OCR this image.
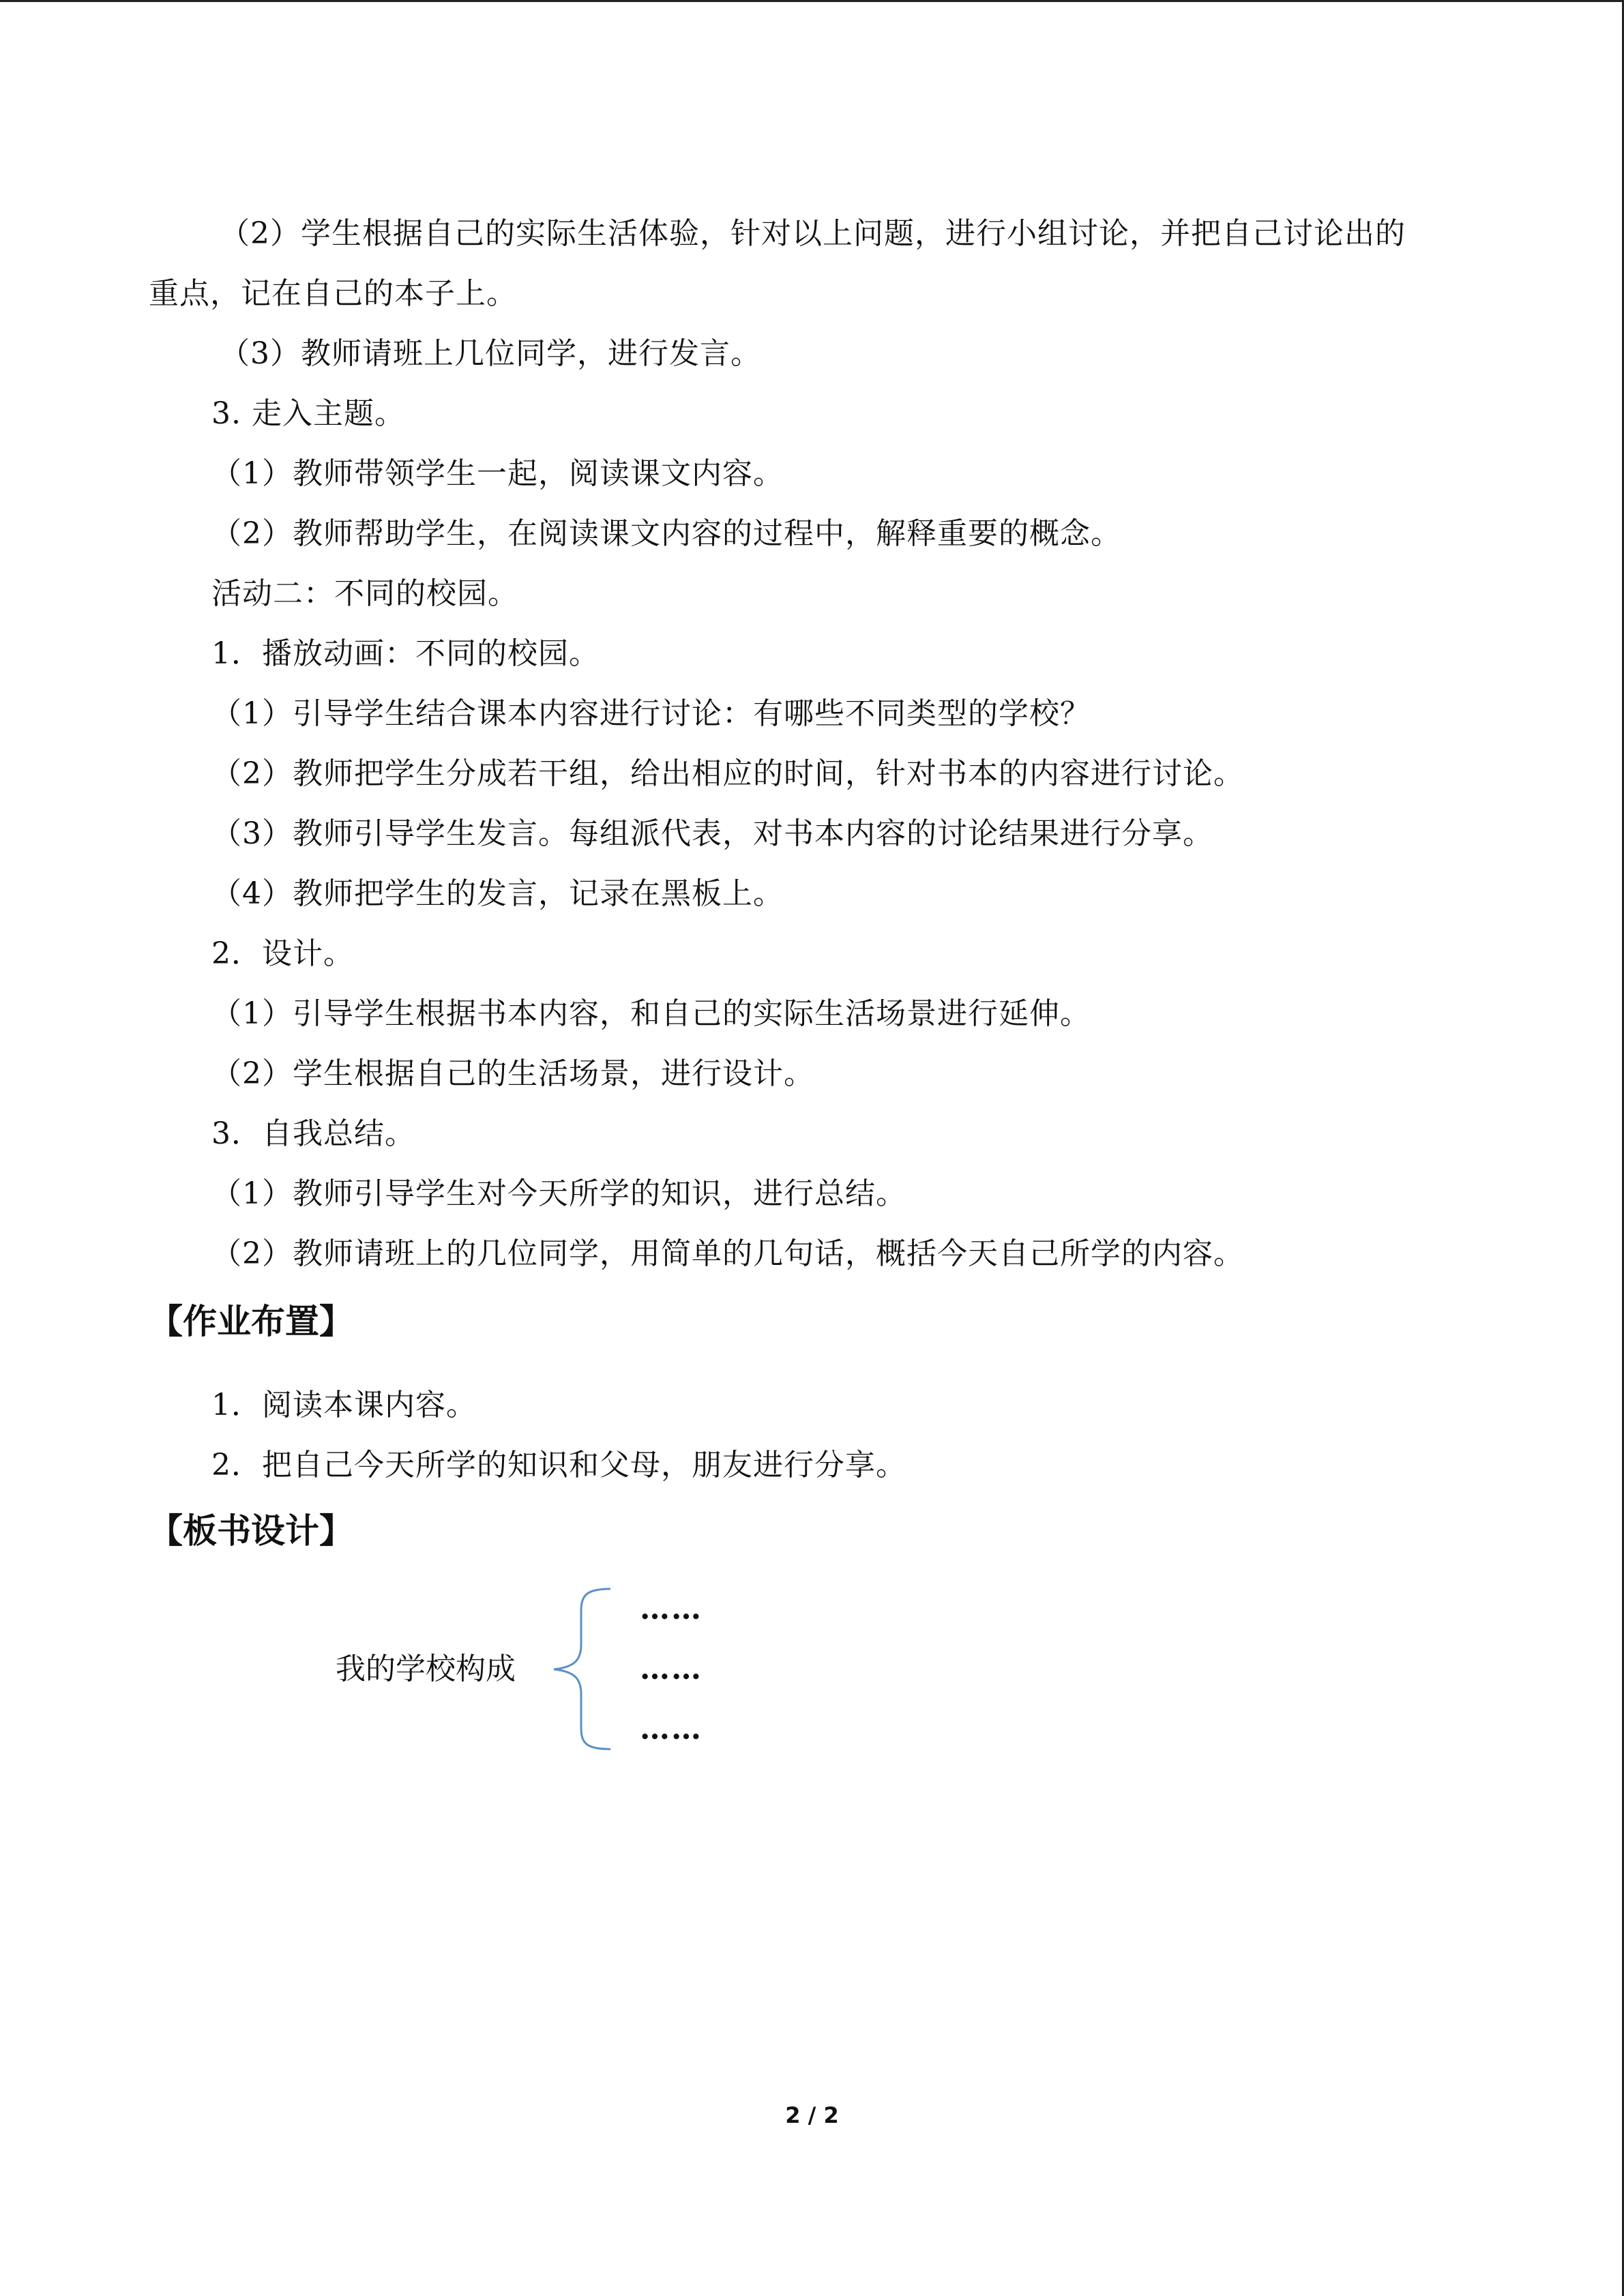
（2）学生根据自己的实际生活体验，针对以上问题，进行小组讨论，并把自己讨论出的
重点，记在自己的本子上。
（3）教师请班上几位同学，进行发言。
3. 走入主题。
（1）教师带领学生一起，阅读课文内容。
（2）教师帮助学生，在阅读课文内容的过程中，解释重要的概念。
活动二：不同的校园。
1．播放动画：不同的校园。
（1）引导学生结合课本内容进行讨论：有哪些不同类型的学校？
（2）教师把学生分成若干组，给出相应的时间，针对书本的内容进行讨论。
（3）教师引导学生发言。每组派代表，对书本内容的讨论结果进行分享。
（4）教师把学生的发言，记录在黑板上。
2．设计。
（1）引导学生根据书本内容，和自己的实际生活场景进行延伸。
（2）学生根据自己的生活场景，进行设计。
3．自我总结。
（1）教师引导学生对今天所学的知识，进行总结。
（2）教师请班上的几位同学，用简单的几句话，概括今天自己所学的内容。
【作业布置】
1．阅读本课内容。
2．把自己今天所学的知识和父母，朋友进行分享。
【板书设计】
我的学校构成
……
……
……
2 / 2
